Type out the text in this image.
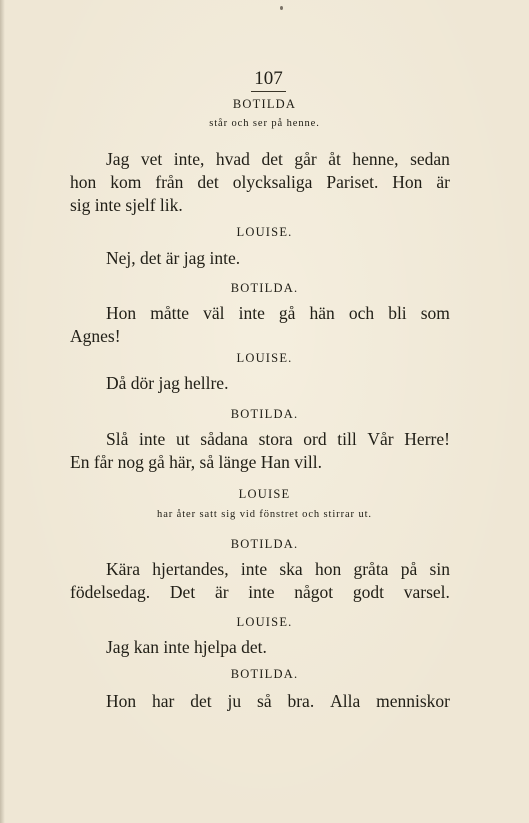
107
BOTILDA
står och ser på henne.
Jag vet inte, hvad det går åt henne, sedan
hon kom från det olycksaliga Pariset. Hon är
sig inte sjelf lik.
LOUISE.
Nej, det är jag inte.
BOTILDA.
Hon måtte väl inte gå hän och bli som
Agnes!
LOUISE.
Då dör jag hellre.
BOTILDA.
Slå inte ut sådana stora ord till Vår Herre!
En får nog gå här, så länge Han vill.
LOUISE
har åter satt sig vid fönstret och stirrar ut.
BOTILDA.
Kära hjertandes, inte ska hon gråta på sin
födelsedag. Det är inte något godt varsel.
LOUISE.
Jag kan inte hjelpa det.
BOTILDA.
Hon har det ju så bra. Alla menniskor
